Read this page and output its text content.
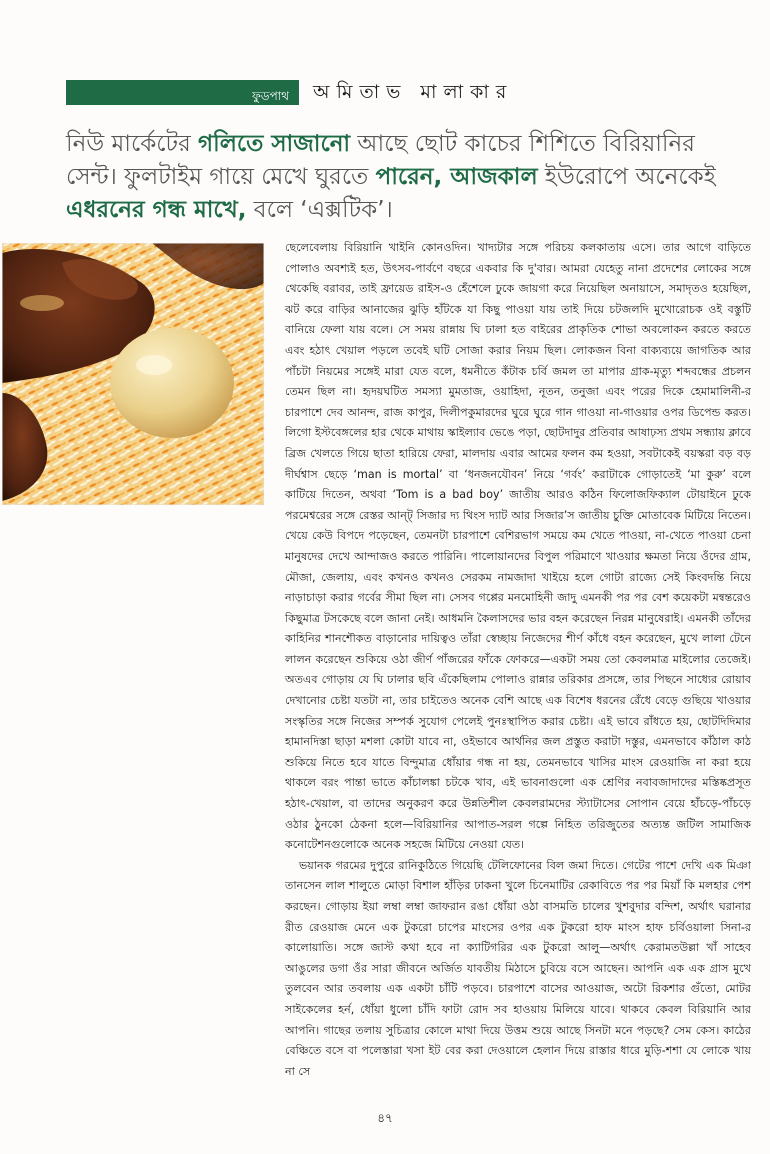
ফুডপাথ অমিতাভ মালাকার

নিউ মার্কেটের গলিতে সাজানো আছে ছোট কাচের শিশিতে বিরিয়ানির সেন্ট। ফুলটাইম গায়ে মেখে ঘুরতে পারেন, আজকাল ইউরোপে অনেকেই এধরনের গন্ধ মাখে, বলে ‘এক্সটিক’।

ছেলেবেলায় বিরিয়ানি খাইনি কোনওদিন। খাদ্যটার সঙ্গে পরিচয় কলকাতায় এসে। তার আগে বাড়িতে পোলাও অবশ্যই হত, উৎসব-পার্বণে বছরে একবার কি দু'বার। আমরা যেহেতু নানা প্রদেশের লোকের সঙ্গে থেকেছি বরাবর, তাই ফ্রায়েড রাইস-ও হেঁশেলে ঢুকে জায়গা করে নিয়েছিল অনায়াসে, সমাদৃতও হয়েছিল, ঝট করে বাড়ির আনাজের ঝুড়ি হাঁটকে যা কিছু পাওয়া যায় তাই দিয়ে চটজলদি মুখোরোচক ওই বস্তুটি বানিয়ে ফেলা যায় বলে। সে সময় রান্নায় ঘি ঢালা হত বাইরের প্রাকৃতিক শোভা অবলোকন করতে করতে এবং হঠাৎ খেয়াল পড়লে তবেই ঘটি সোজা করার নিয়ম ছিল। লোকজন বিনা বাক্যব্যয়ে জাগতিক আর পাঁচটা নিয়মের সঙ্গেই মারা যেত বলে, ধমনীতে কঁটাক চর্বি জমল তা মাপার গ্রাক-মৃত্যু শব্দবন্ধের প্রচলন তেমন ছিল না। হৃদয়ঘটিত সমস্যা মুমতাজ, ওয়াহিদা, নূতন, তনুজা এবং পরের দিকে হেমামালিনী-র চারপাশে দেব আনন্দ, রাজ কাপুর, দিলীপকুমারদের ঘুরে ঘুরে গান গাওয়া না-গাওয়ার ওপর ডিপেন্ড করত। লিগো ইস্টবেঙ্গলের হার থেকে মাথায় স্কাইল্যাব ভেঙে পড়া, ছোটদাদুর প্রতিবার আষাঢ়স্য প্রথম সন্ধ্যায় ক্লাবে ব্রিজ খেলতে গিয়ে ছাতা হারিয়ে ফেরা, মালদায় এবার আমের ফলন কম হওয়া, সবটাকেই বয়স্করা বড় বড় দীর্ঘশ্বাস ছেড়ে ‘man is mortal’ বা ‘ধনজনযৌবন’ নিয়ে ‘গর্বং’ করাটাকে গোড়াতেই ‘মা কুরু’ বলে কাটিয়ে দিতেন, অথবা ‘Tom is a bad boy’ জাতীয় আরও কঠিন ফিলোজফিক্যাল টোয়াইনে ঢুকে পরমেশ্বরের সঙ্গে রেস্তর আন্ট্ সিজার দ্য থিংস দ্যাট আর সিজার’স জাতীয় চুক্তি মোতাবেক মিটিয়ে নিতেন। খেয়ে কেউ বিপদে পড়েছেন, তেমনটা চারপাশে বেশিরভাগ সময়ে কম খেতে পাওয়া, না-খেতে পাওয়া চেনা মানুষদের দেখে আন্দাজও করতে পারিনি। পালোয়ানদের বিপুল পরিমাণে খাওয়ার ক্ষমতা নিয়ে ওঁদের গ্রাম, মৌজা, জেলায়, এবং কখনও কখনও সেরকম নামজাদা খাইয়ে হলে গোটা রাজ্যে সেই কিংবদন্তি নিয়ে নাড়াচাড়া করার গর্বের সীমা ছিল না। সেসব গপ্পের মনমোহিনী জাদু এমনকী পর পর বেশ কয়েকটা মন্বন্তরেও কিছুমাত্র টসকেছে বলে জানা নেই। আধমনি কৈলাসদের ভার বহন করেছেন নিরন্ন মানুষেরাই। এমনকী তাঁদের কাহিনির শানশৌকত বাড়ানোর দায়িত্বও তাঁরা স্বেচ্ছায় নিজেদের শীর্ণ কাঁধে বহন করেছেন, মুখে লালা টেনে লালন করেছেন শুকিয়ে ওঠা জীর্ণ পাঁজরের ফাঁকে ফোকরে—একটা সময় তো কেবলমাত্র মাইলোর তেজেই। অতএব গোড়ায় যে ঘি ঢালার ছবি এঁকেছিলাম পোলাও রান্নার তরিকার প্রসঙ্গে, তার পিছনে সাধ্যের রোয়াব দেখানোর চেষ্টা যতটা না, তার চাইতেও অনেক বেশি আছে এক বিশেষ ধরনের রেঁধে বেড়ে গুছিয়ে খাওয়ার সংস্কৃতির সঙ্গে নিজের সম্পর্ক সুযোগ পেলেই পুনঃস্থাপিত করার চেষ্টা। এই ভাবে রাঁধতে হয়, ছোটদিদিমার হামানদিস্তা ছাড়া মশলা কোটা যাবে না, ওইভাবে আর্থনির জল প্রস্তুত করাটা দস্তুর, এমনভাবে কাঁঠাল কাঠ শুকিয়ে নিতে হবে যাতে বিন্দুমাত্র ধোঁয়ার গন্ধ না হয়, তেমনভাবে খাসির মাংস রেওয়াজি না করা হয়ে থাকলে বরং পান্তা ভাতে কাঁচালঙ্কা চটকে খাব, এই ভাবনাগুলো এক শ্রেণির নবাবজাদাদের মস্তিষ্কপ্রসূত হঠাৎ-খেয়াল, বা তাদের অনুকরণ করে উন্নতিশীল কেবলরামদের স্ট্যাটাসের সোপান বেয়ে হাঁচড়ে-পাঁচড়ে ওঠার ঠুনকো ঠেকনা হলে—বিরিয়ানির আপাত-সরল গল্পে নিহিত তরিজুতের অত্যন্ত জটিল সামাজিক কনোটেশনগুলোকে অনেক সহজে মিটিয়ে নেওয়া যেত।

ভয়ানক গরমের দুপুরে রানিকুঠিতে গিয়েছি টেলিফোনের বিল জমা দিতে। গেটের পাশে দেখি এক মিঞা তানসেন লাল শালুতে মোড়া বিশাল হাঁড়ির ঢাকনা খুলে চিনেমাটির রেকাবিতে পর পর মিয়াঁ কি মলহার পেশ করছেন। গোড়ায় ইয়া লম্বা লম্বা জাফরান রঙা ধোঁয়া ওঠা বাসমতি চালের খুশবুদার বন্দিশ, অর্থাৎ ঘরানার রীত রেওয়াজ মেনে এক টুকরো চাপের মাংসের ওপর এক টুকরো হাফ মাংস হাফ চর্বিওয়ালা সিনা-র কালোয়াতি। সঙ্গে জাস্ট কথা হবে না ক্যাটিগরির এক টুকরো আলু—অর্থাৎ কেরামতউল্লা খাঁ সাহেব আঙুলের ডগা ওঁর সারা জীবনে অর্জিত যাবতীয় মিঠাসে চুবিয়ে বসে আছেন। আপনি এক এক গ্রাস মুখে তুলবেন আর তবলায় এক একটা চাঁটি পড়বে। চারপাশে বাসের আওয়াজ, অটো রিকশার গুঁতো, মোটর সাইকেলের হর্ন, ধোঁয়া ধুলো চাঁদি ফাটা রোদ সব হাওয়ায় মিলিয়ে যাবে। থাকবে কেবল বিরিয়ানি আর আপনি। গাছের তলায় সুচিত্রার কোলে মাথা দিয়ে উত্তম শুয়ে আছে সিনটা মনে পড়ছে? সেম কেস। কাঠের বেঞ্চিতে বসে বা পলেস্তারা খসা ইট বের করা দেওয়ালে হেলান দিয়ে রাস্তার ধারে মুড়ি-শশা যে লোকে খায় না সে

৪৭
